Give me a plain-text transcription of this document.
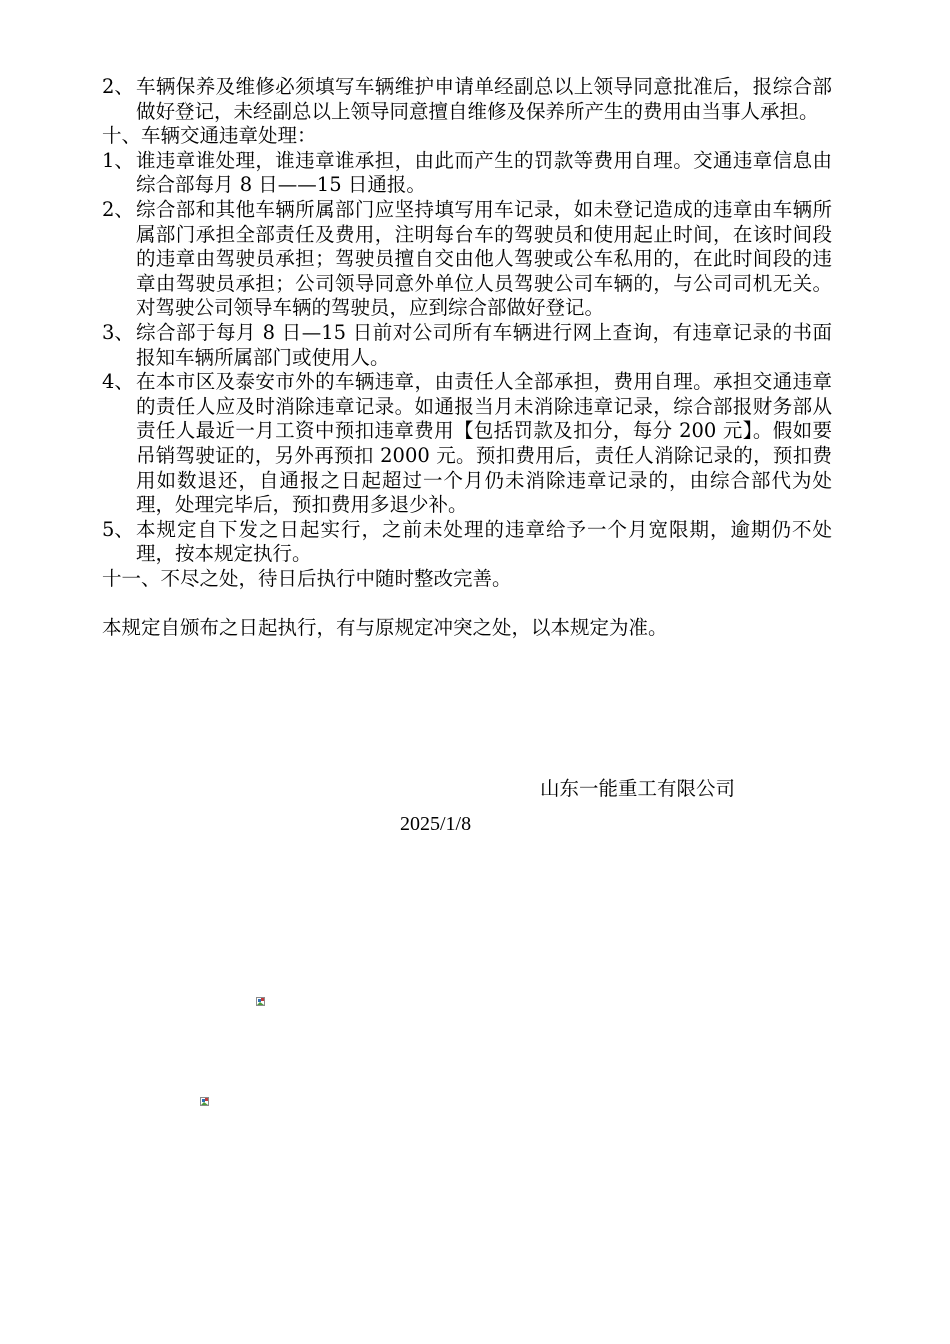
2、 车辆保养及维修必须填写车辆维护申请单经副总以上领导同意批准后，报综合部做好登记，未经副总以上领导同意擅自维修及保养所产生的费用由当事人承担。
十、车辆交通违章处理：
1、 谁违章谁处理，谁违章谁承担，由此而产生的罚款等费用自理。交通违章信息由综合部每月 8 日——15 日通报。
2、 综合部和其他车辆所属部门应坚持填写用车记录，如未登记造成的违章由车辆所属部门承担全部责任及费用，注明每台车的驾驶员和使用起止时间，在该时间段的违章由驾驶员承担；驾驶员擅自交由他人驾驶或公车私用的，在此时间段的违章由驾驶员承担；公司领导同意外单位人员驾驶公司车辆的，与公司司机无关。对驾驶公司领导车辆的驾驶员，应到综合部做好登记。
3、 综合部于每月 8 日—15 日前对公司所有车辆进行网上查询，有违章记录的书面报知车辆所属部门或使用人。
4、 在本市区及泰安市外的车辆违章，由责任人全部承担，费用自理。承担交通违章的责任人应及时消除违章记录。如通报当月未消除违章记录，综合部报财务部从责任人最近一月工资中预扣违章费用【包括罚款及扣分，每分 200 元】。假如要吊销驾驶证的，另外再预扣 2000 元。预扣费用后，责任人消除记录的，预扣费用如数退还，自通报之日起超过一个月仍未消除违章记录的，由综合部代为处理，处理完毕后，预扣费用多退少补。
5、 本规定自下发之日起实行，之前未处理的违章给予一个月宽限期，逾期仍不处理，按本规定执行。
十一、不尽之处，待日后执行中随时整改完善。
本规定自颁布之日起执行，有与原规定冲突之处，以本规定为准。
山东一能重工有限公司
2025/1/8
